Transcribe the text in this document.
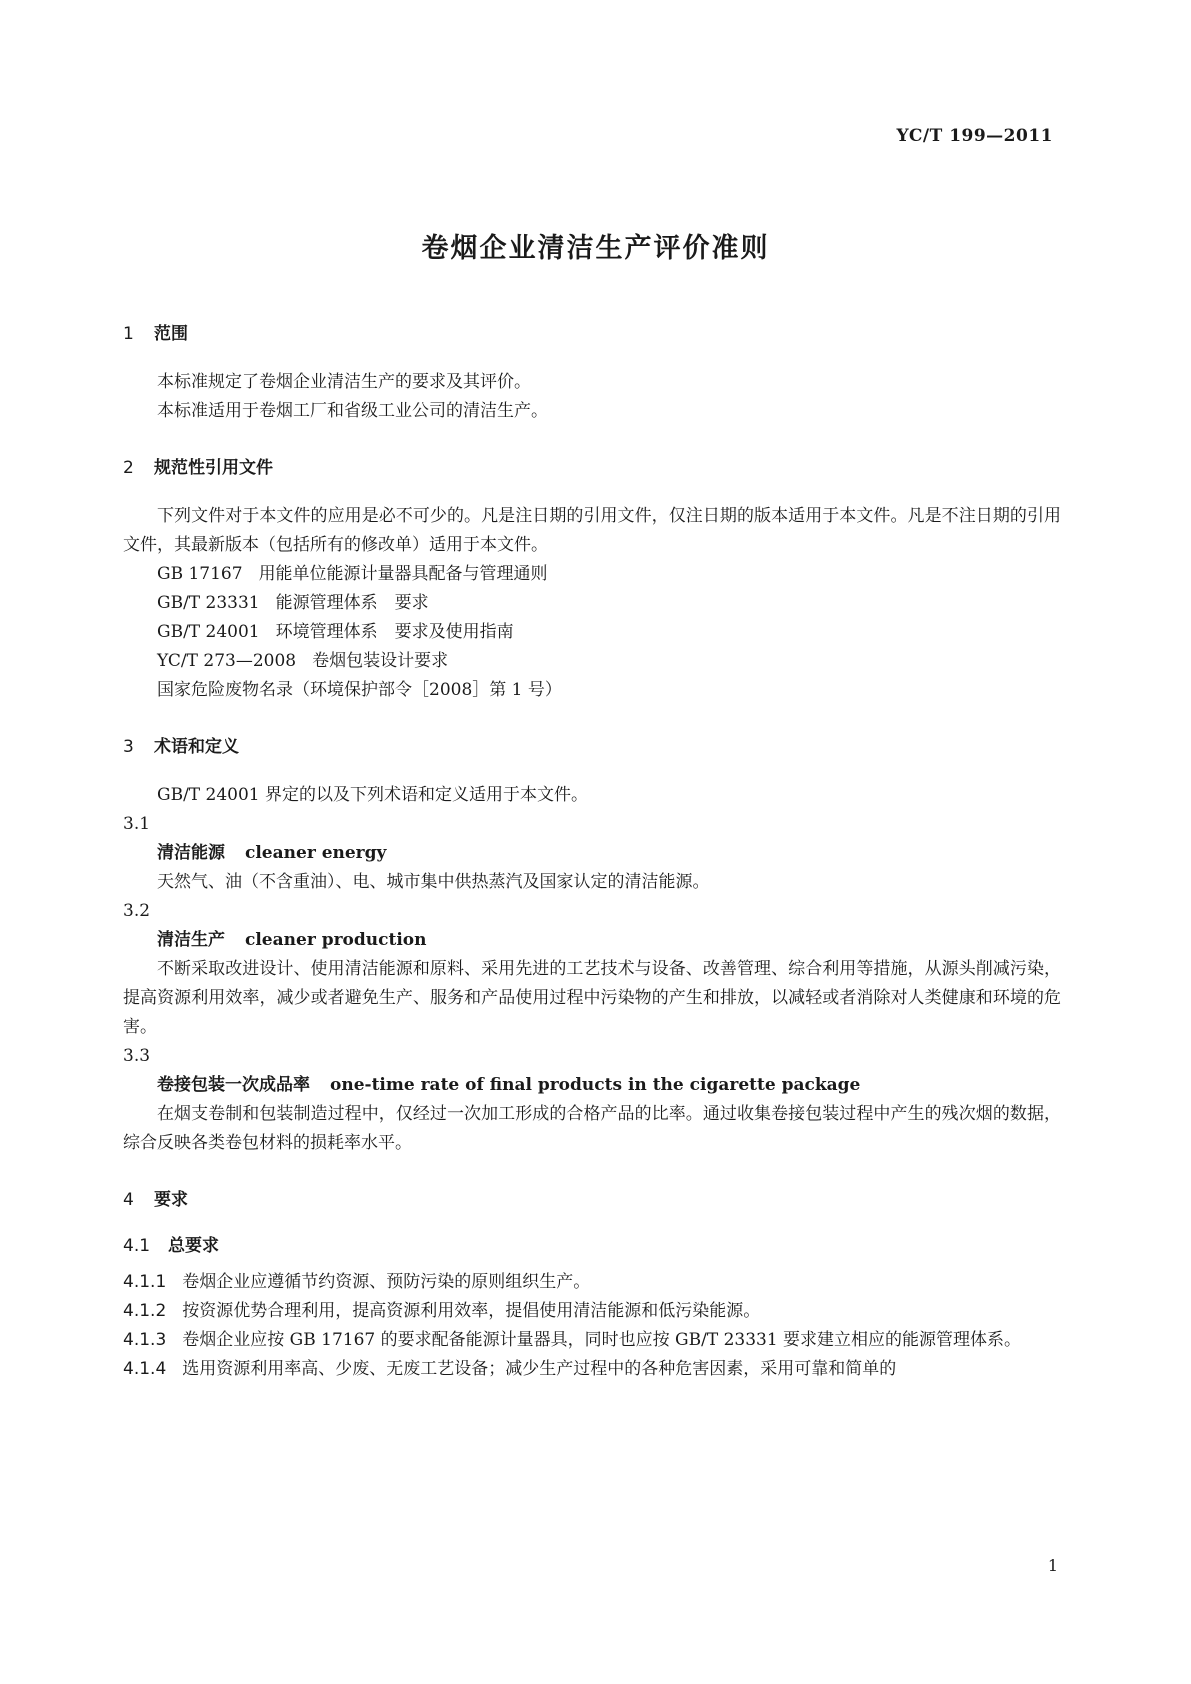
YC/T 199—2011
卷烟企业清洁生产评价准则
1	范围

本标准规定了卷烟企业清洁生产的要求及其评价。

本标准适用于卷烟工厂和省级工业公司的清洁生产。

2	规范性引用文件

下列文件对于本文件的应用是必不可少的。凡是注日期的引用文件，仅注日期的版本适用于本文件。凡是不注日期的引用文件，其最新版本（包括所有的修改单）适用于本文件。

GB 17167 用能单位能源计量器具配备与管理通则
GB/T 23331 能源管理体系　要求
GB/T 24001 环境管理体系　要求及使用指南
YC/T 273—2008 卷烟包装设计要求
国家危险废物名录（环境保护部令［2008］第 1 号）
3	术语和定义

GB/T 24001 界定的以及下列术语和定义适用于本文件。

3.1
清洁能源 cleaner energy

天然气、油（不含重油）、电、城市集中供热蒸汽及国家认定的清洁能源。

3.2
清洁生产 cleaner production

不断采取改进设计、使用清洁能源和原料、采用先进的工艺技术与设备、改善管理、综合利用等措施，从源头削减污染，提高资源利用效率，减少或者避免生产、服务和产品使用过程中污染物的产生和排放，以减轻或者消除对人类健康和环境的危害。

3.3
卷接包装一次成品率 one-time rate of final products in the cigarette package

在烟支卷制和包装制造过程中，仅经过一次加工形成的合格产品的比率。通过收集卷接包装过程中产生的残次烟的数据，综合反映各类卷包材料的损耗率水平。

4	要求
4.1 总要求
4.1.1 卷烟企业应遵循节约资源、预防污染的原则组织生产。
4.1.2 按资源优势合理利用，提高资源利用效率，提倡使用清洁能源和低污染能源。
4.1.3 卷烟企业应按 GB 17167 的要求配备能源计量器具，同时也应按 GB/T 23331 要求建立相应的能源管理体系。
4.1.4 选用资源利用率高、少废、无废工艺设备；减少生产过程中的各种危害因素，采用可靠和简单的
1
